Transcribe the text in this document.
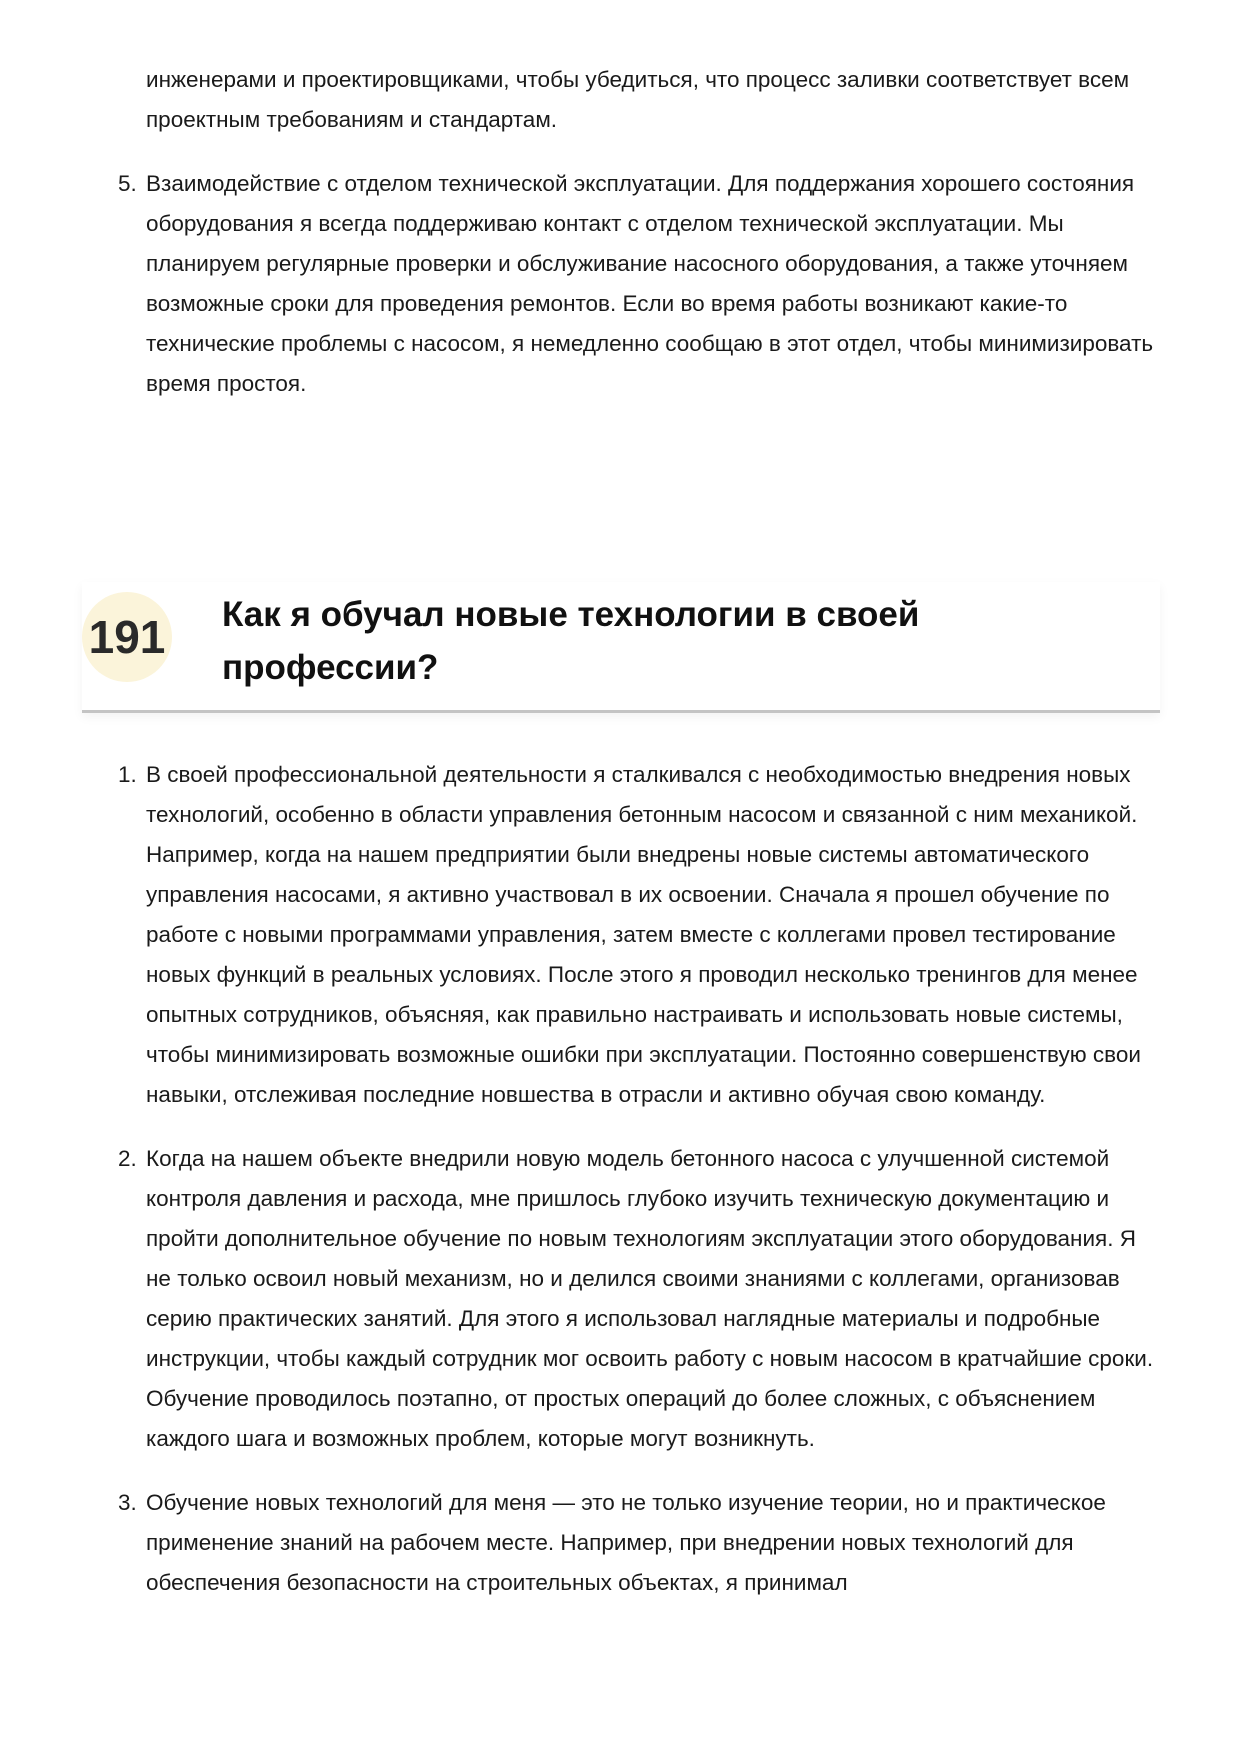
инженерами и проектировщиками, чтобы убедиться, что процесс заливки соответствует всем проектным требованиям и стандартам.
5. Взаимодействие с отделом технической эксплуатации. Для поддержания хорошего состояния оборудования я всегда поддерживаю контакт с отделом технической эксплуатации. Мы планируем регулярные проверки и обслуживание насосного оборудования, а также уточняем возможные сроки для проведения ремонтов. Если во время работы возникают какие-то технические проблемы с насосом, я немедленно сообщаю в этот отдел, чтобы минимизировать время простоя.
191 Как я обучал новые технологии в своей профессии?
1. В своей профессиональной деятельности я сталкивался с необходимостью внедрения новых технологий, особенно в области управления бетонным насосом и связанной с ним механикой. Например, когда на нашем предприятии были внедрены новые системы автоматического управления насосами, я активно участвовал в их освоении. Сначала я прошел обучение по работе с новыми программами управления, затем вместе с коллегами провел тестирование новых функций в реальных условиях. После этого я проводил несколько тренингов для менее опытных сотрудников, объясняя, как правильно настраивать и использовать новые системы, чтобы минимизировать возможные ошибки при эксплуатации. Постоянно совершенствую свои навыки, отслеживая последние новшества в отрасли и активно обучая свою команду.
2. Когда на нашем объекте внедрили новую модель бетонного насоса с улучшенной системой контроля давления и расхода, мне пришлось глубоко изучить техническую документацию и пройти дополнительное обучение по новым технологиям эксплуатации этого оборудования. Я не только освоил новый механизм, но и делился своими знаниями с коллегами, организовав серию практических занятий. Для этого я использовал наглядные материалы и подробные инструкции, чтобы каждый сотрудник мог освоить работу с новым насосом в кратчайшие сроки. Обучение проводилось поэтапно, от простых операций до более сложных, с объяснением каждого шага и возможных проблем, которые могут возникнуть.
3. Обучение новых технологий для меня — это не только изучение теории, но и практическое применение знаний на рабочем месте. Например, при внедрении новых технологий для обеспечения безопасности на строительных объектах, я принимал
